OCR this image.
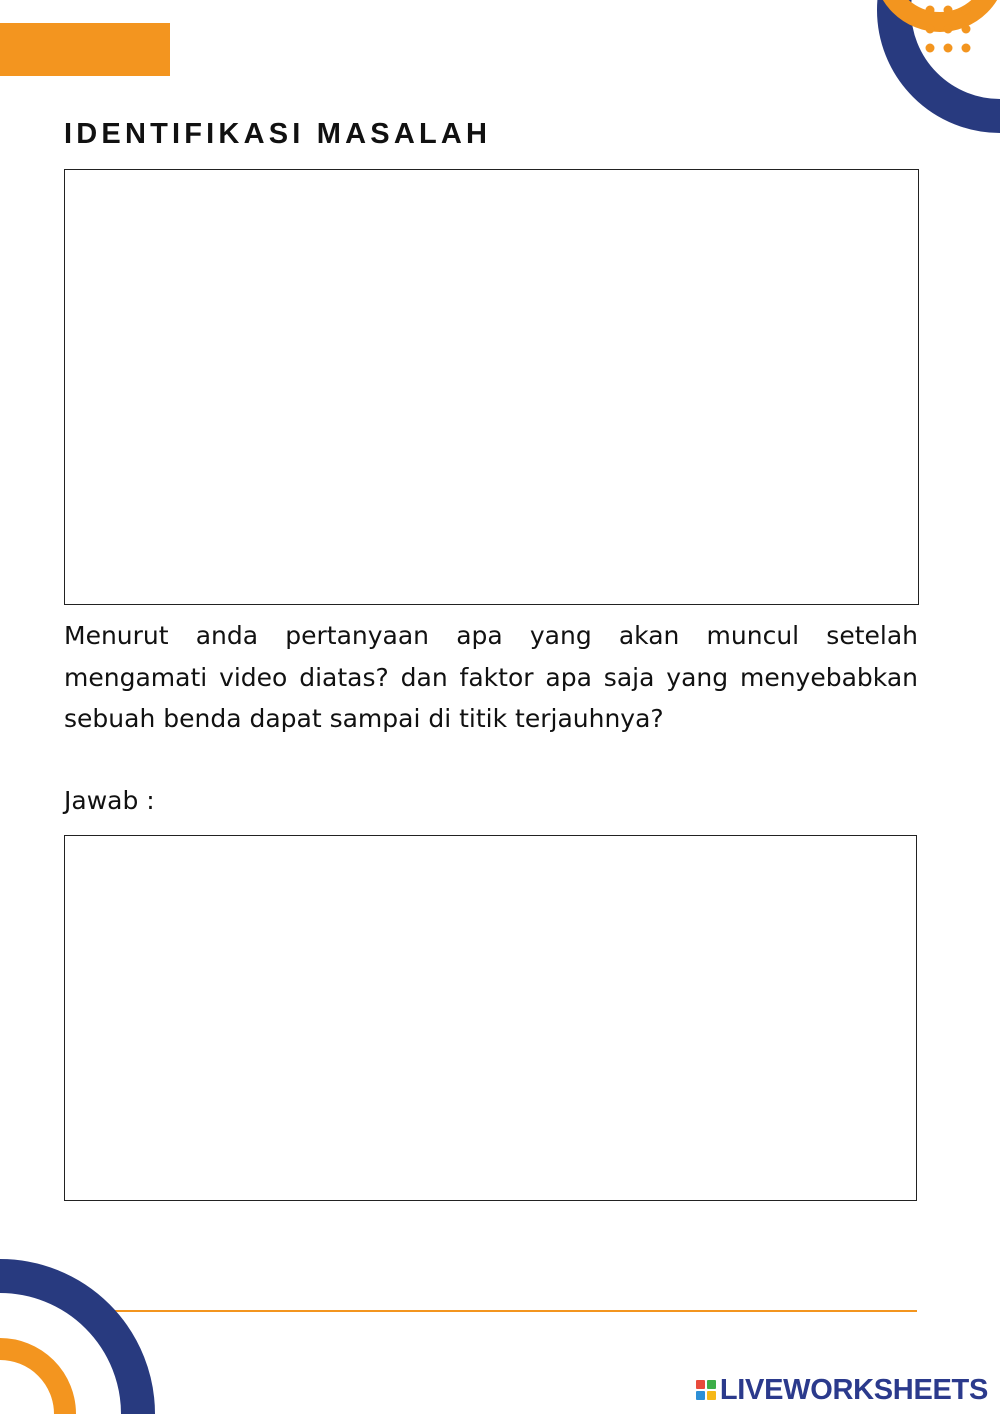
IDENTIFIKASI MASALAH

Menurut anda pertanyaan apa yang akan muncul setelah mengamati video diatas? dan faktor apa saja yang menyebabkan sebuah benda dapat sampai di titik terjauhnya?

Jawab :

LIVEWORKSHEETS
